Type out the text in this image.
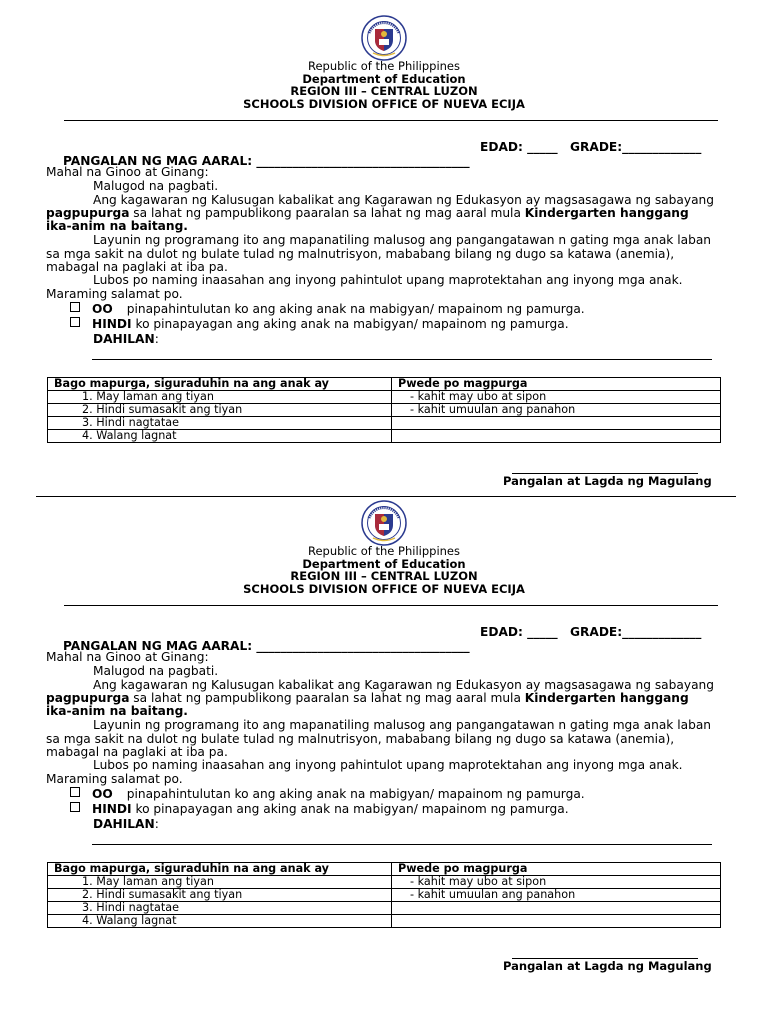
Republic of the Philippines
Department of Education
REGION III – CENTRAL LUZON
SCHOOLS DIVISION OFFICE OF NUEVA ECIJA

PANGALAN NG MAG AARAL: ___________________________________

EDAD: _____

GRADE:_____________

Mahal na Ginoo at Ginang:
Malugod na pagbati.
Ang kagawaran ng Kalusugan kabalikat ang Kagarawan ng Edukasyon ay magsasagawa ng sabayang
pagpupurga sa lahat ng pampublikong paaralan sa lahat ng mag aaral mula Kindergarten hanggang
ika-anim na baitang.
Layunin ng programang ito ang mapanatiling malusog ang pangangatawan n gating mga anak laban
sa mga sakit na dulot ng bulate tulad ng malnutrisyon, mababang bilang ng dugo sa katawa (anemia),
mabagal na paglaki at iba pa.
Lubos po naming inaasahan ang inyong pahintulot upang maprotektahan ang inyong mga anak.
Maraming salamat po.
OO pinapahintulutan ko ang aking anak na mabigyan/ mapainom ng pamurga.
HINDI ko pinapayagan ang aking anak na mabigyan/ mapainom ng pamurga.
DAHILAN:
Bago mapurga, siguraduhin na ang anak ay	Pwede po magpurga
1. May laman ang tiyan	- kahit may ubo at sipon
2. Hindi sumasakit ang tiyan	- kahit umuulan ang panahon
3. Hindi nagtatae	
4. Walang lagnat	
Pangalan at Lagda ng Magulang
Republic of the Philippines
Department of Education
REGION III – CENTRAL LUZON
SCHOOLS DIVISION OFFICE OF NUEVA ECIJA

PANGALAN NG MAG AARAL: ___________________________________

EDAD: _____

GRADE:_____________

Mahal na Ginoo at Ginang:
Malugod na pagbati.
Ang kagawaran ng Kalusugan kabalikat ang Kagarawan ng Edukasyon ay magsasagawa ng sabayang
pagpupurga sa lahat ng pampublikong paaralan sa lahat ng mag aaral mula Kindergarten hanggang
ika-anim na baitang.
Layunin ng programang ito ang mapanatiling malusog ang pangangatawan n gating mga anak laban
sa mga sakit na dulot ng bulate tulad ng malnutrisyon, mababang bilang ng dugo sa katawa (anemia),
mabagal na paglaki at iba pa.
Lubos po naming inaasahan ang inyong pahintulot upang maprotektahan ang inyong mga anak.
Maraming salamat po.
OO pinapahintulutan ko ang aking anak na mabigyan/ mapainom ng pamurga.
HINDI ko pinapayagan ang aking anak na mabigyan/ mapainom ng pamurga.
DAHILAN:
Bago mapurga, siguraduhin na ang anak ay	Pwede po magpurga
1. May laman ang tiyan	- kahit may ubo at sipon
2. Hindi sumasakit ang tiyan	- kahit umuulan ang panahon
3. Hindi nagtatae	
4. Walang lagnat	
Pangalan at Lagda ng Magulang
